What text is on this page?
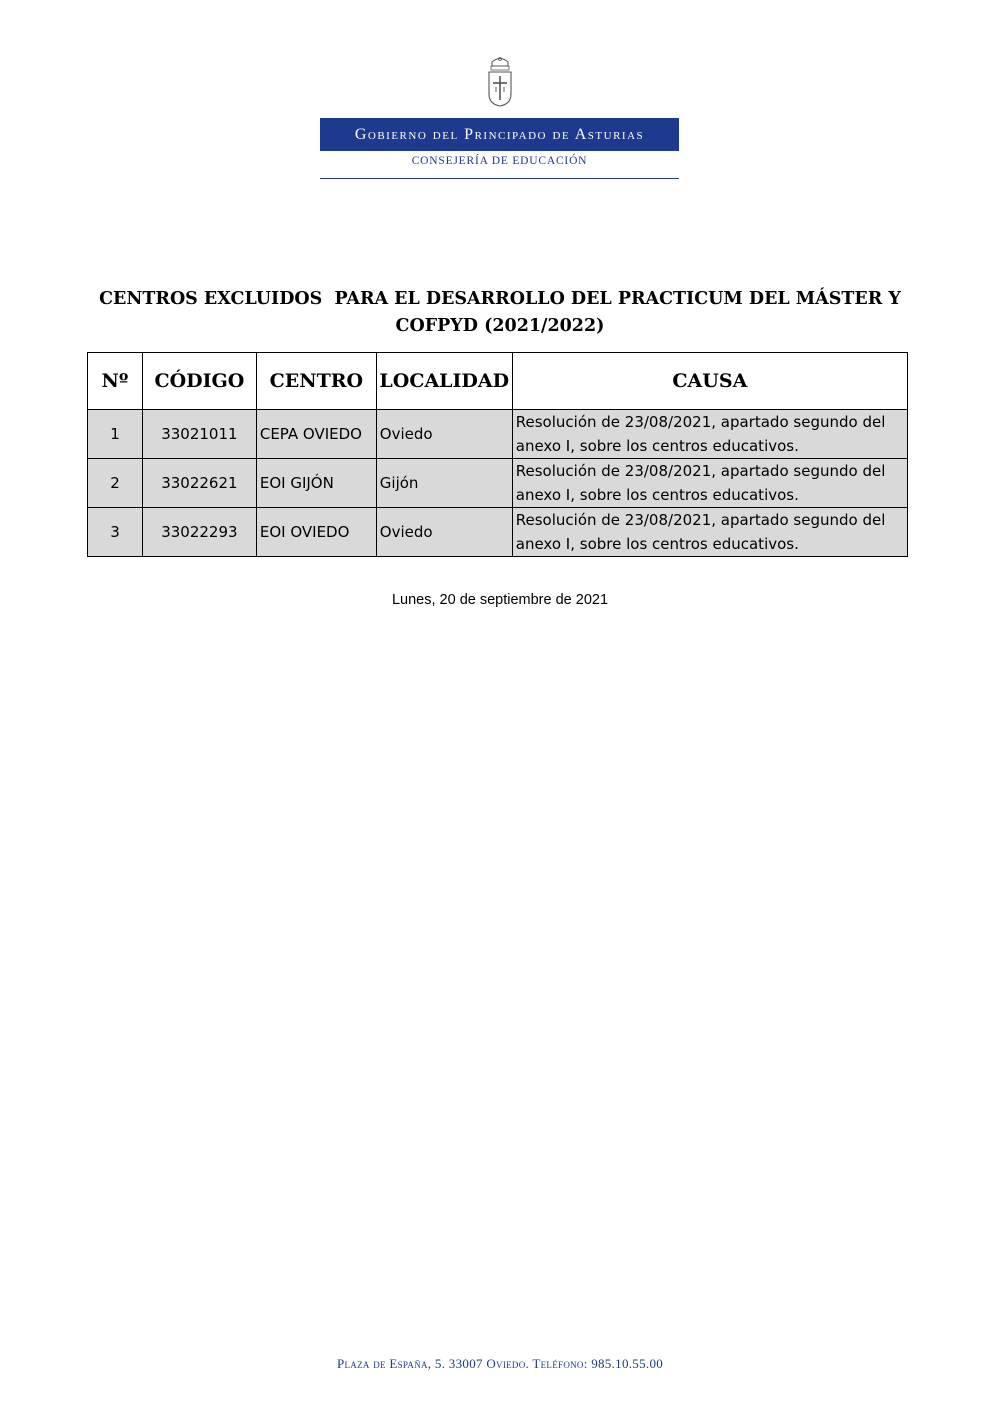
Gobierno del Principado de Asturias
CONSEJERÍA DE EDUCACIÓN
CENTROS EXCLUIDOS  PARA EL DESARROLLO DEL PRACTICUM DEL MÁSTER Y
COFPYD (2021/2022)
Nº	CÓDIGO	CENTRO	LOCALIDAD	CAUSA
1	33021011	CEPA OVIEDO	Oviedo	Resolución de 23/08/2021, apartado segundo del anexo I, sobre los centros educativos.
2	33022621	EOI GIJÓN	Gijón	Resolución de 23/08/2021, apartado segundo del anexo I, sobre los centros educativos.
3	33022293	EOI OVIEDO	Oviedo	Resolución de 23/08/2021, apartado segundo del anexo I, sobre los centros educativos.
Lunes, 20 de septiembre de 2021
Plaza de España, 5. 33007 Oviedo. Teléfono: 985.10.55.00
